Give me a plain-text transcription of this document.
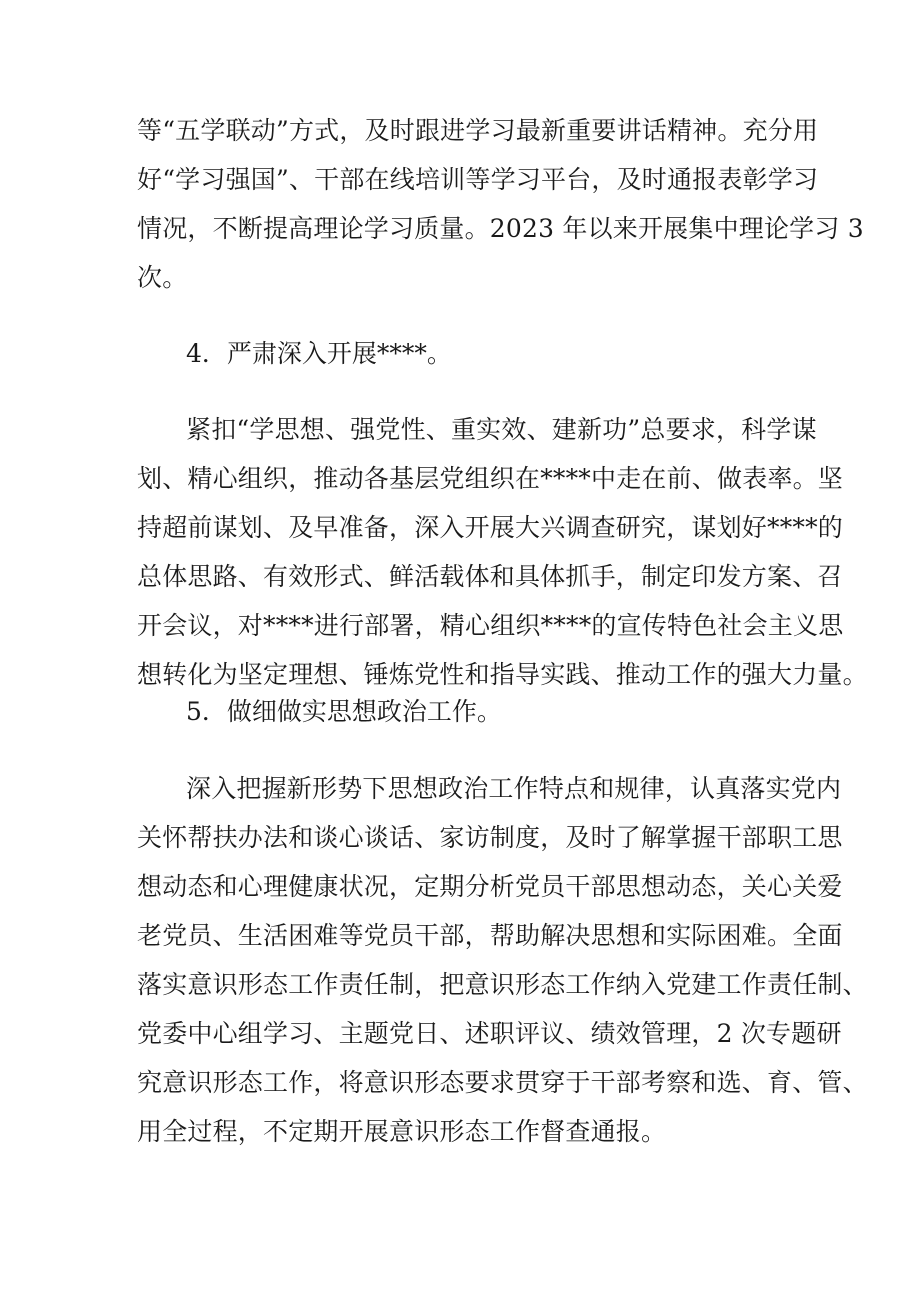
等“五学联动”方式，及时跟进学习最新重要讲话精神。充分用
好“学习强国”、干部在线培训等学习平台，及时通报表彰学习
情况，不断提高理论学习质量。2023 年以来开展集中理论学习 3
次。
4．严肃深入开展****。
紧扣“学思想、强党性、重实效、建新功”总要求，科学谋
划、精心组织，推动各基层党组织在****中走在前、做表率。坚
持超前谋划、及早准备，深入开展大兴调查研究，谋划好****的
总体思路、有效形式、鲜活载体和具体抓手，制定印发方案、召
开会议，对****进行部署，精心组织****的宣传特色社会主义思
想转化为坚定理想、锤炼党性和指导实践、推动工作的强大力量。
5．做细做实思想政治工作。
深入把握新形势下思想政治工作特点和规律，认真落实党内
关怀帮扶办法和谈心谈话、家访制度，及时了解掌握干部职工思
想动态和心理健康状况，定期分析党员干部思想动态，关心关爱
老党员、生活困难等党员干部，帮助解决思想和实际困难。全面
落实意识形态工作责任制，把意识形态工作纳入党建工作责任制、
党委中心组学习、主题党日、述职评议、绩效管理，2 次专题研
究意识形态工作，将意识形态要求贯穿于干部考察和选、育、管、
用全过程，不定期开展意识形态工作督查通报。
